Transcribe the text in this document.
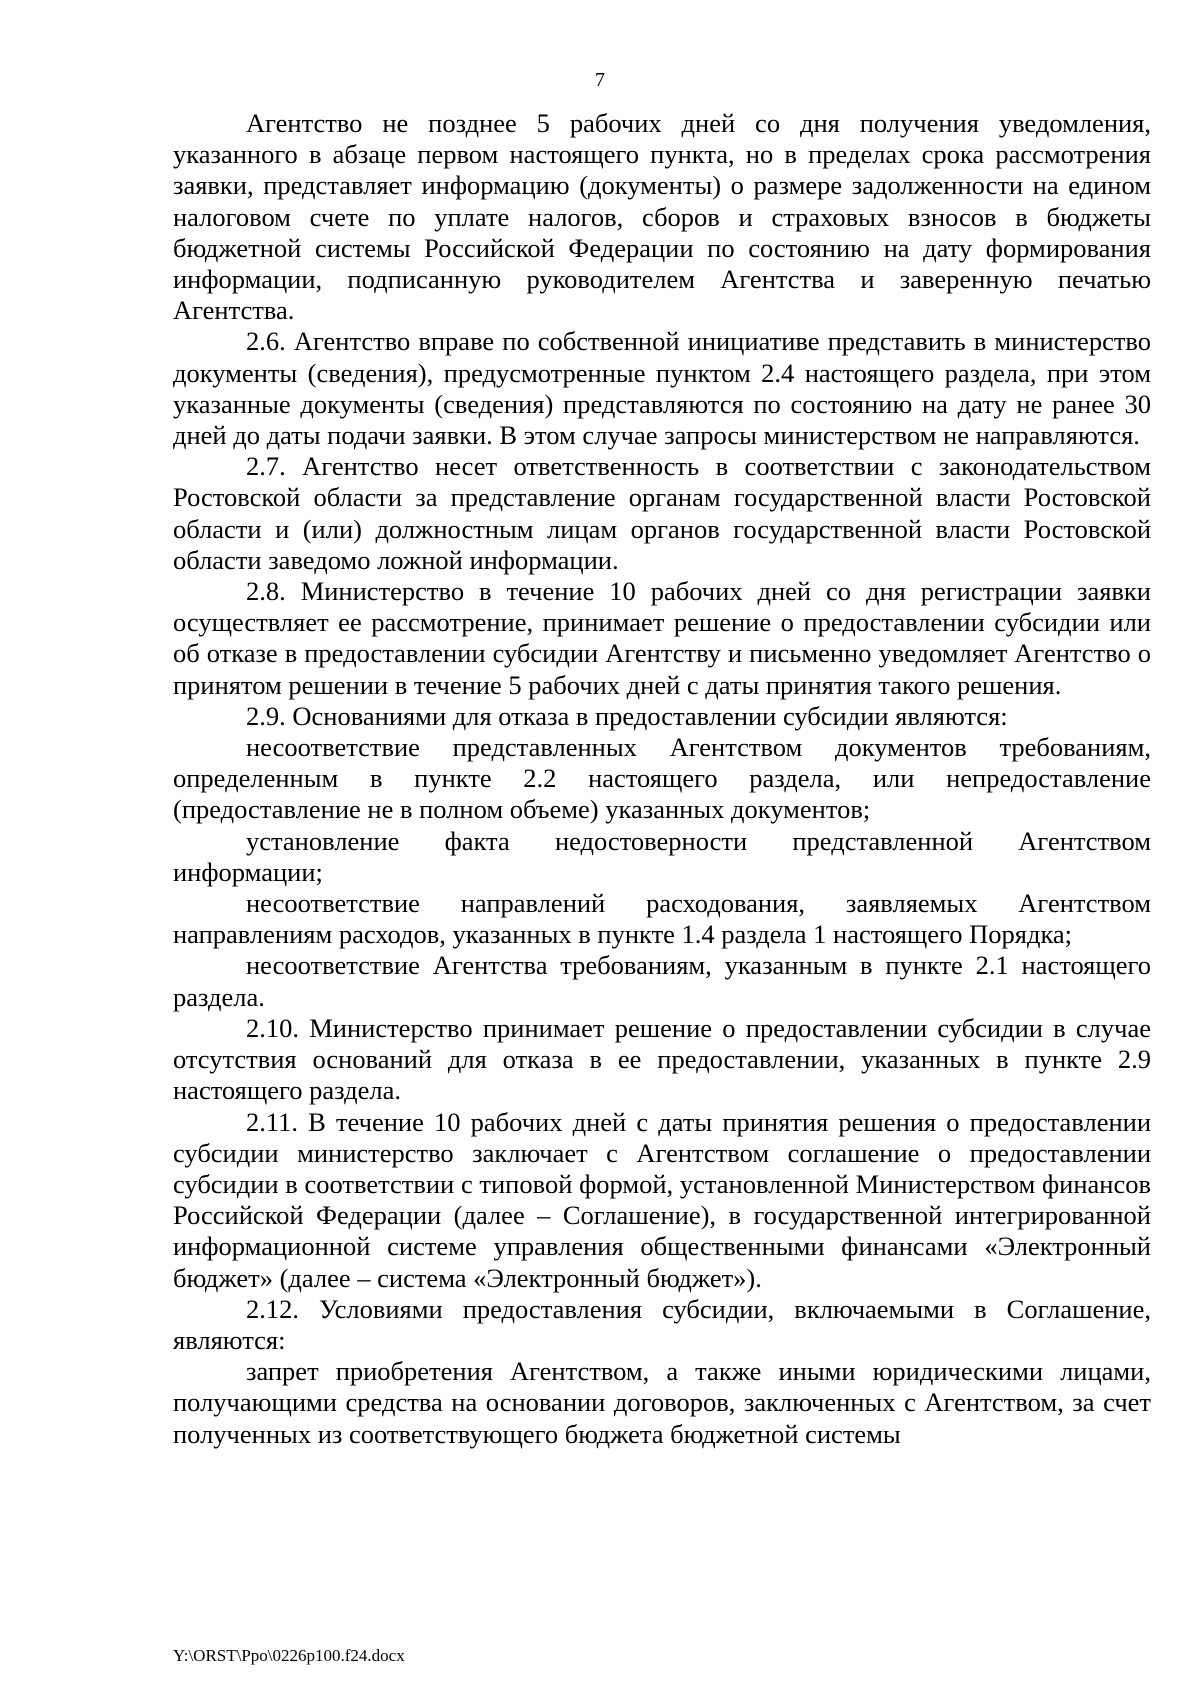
7

Агентство не позднее 5 рабочих дней со дня получения уведомления, указанного в абзаце первом настоящего пункта, но в пределах срока рассмотрения заявки, представляет информацию (документы) о размере задолженности на едином налоговом счете по уплате налогов, сборов и страховых взносов в бюджеты бюджетной системы Российской Федерации по состоянию на дату формирования информации, подписанную руководителем Агентства и заверенную печатью Агентства.

2.6. Агентство вправе по собственной инициативе представить в министерство документы (сведения), предусмотренные пунктом 2.4 настоящего раздела, при этом указанные документы (сведения) представляются по состоянию на дату не ранее 30 дней до даты подачи заявки. В этом случае запросы министерством не направляются.

2.7. Агентство несет ответственность в соответствии с законодательством Ростовской области за представление органам государственной власти Ростовской области и (или) должностным лицам органов государственной власти Ростовской области заведомо ложной информации.

2.8. Министерство в течение 10 рабочих дней со дня регистрации заявки осуществляет ее рассмотрение, принимает решение о предоставлении субсидии или об отказе в предоставлении субсидии Агентству и письменно уведомляет Агентство о принятом решении в течение 5 рабочих дней с даты принятия такого решения.

2.9. Основаниями для отказа в предоставлении субсидии являются:

несоответствие представленных Агентством документов требованиям, определенным в пункте 2.2 настоящего раздела, или непредоставление (предоставление не в полном объеме) указанных документов;

установление факта недостоверности представленной Агентством информации;

несоответствие направлений расходования, заявляемых Агентством направлениям расходов, указанных в пункте 1.4 раздела 1 настоящего Порядка;

несоответствие Агентства требованиям, указанным в пункте 2.1 настоящего раздела.

2.10. Министерство принимает решение о предоставлении субсидии в случае отсутствия оснований для отказа в ее предоставлении, указанных в пункте 2.9 настоящего раздела.

2.11. В течение 10 рабочих дней с даты принятия решения о предоставлении субсидии министерство заключает с Агентством соглашение о предоставлении субсидии в соответствии с типовой формой, установленной Министерством финансов Российской Федерации (далее – Соглашение), в государственной интегрированной информационной системе управления общественными финансами «Электронный бюджет» (далее – система «Электронный бюджет»).

2.12. Условиями предоставления субсидии, включаемыми в Соглашение, являются:

запрет приобретения Агентством, а также иными юридическими лицами, получающими средства на основании договоров, заключенных с Агентством, за счет полученных из соответствующего бюджета бюджетной системы

Y:\ORST\Ppo\0226p100.f24.docx
